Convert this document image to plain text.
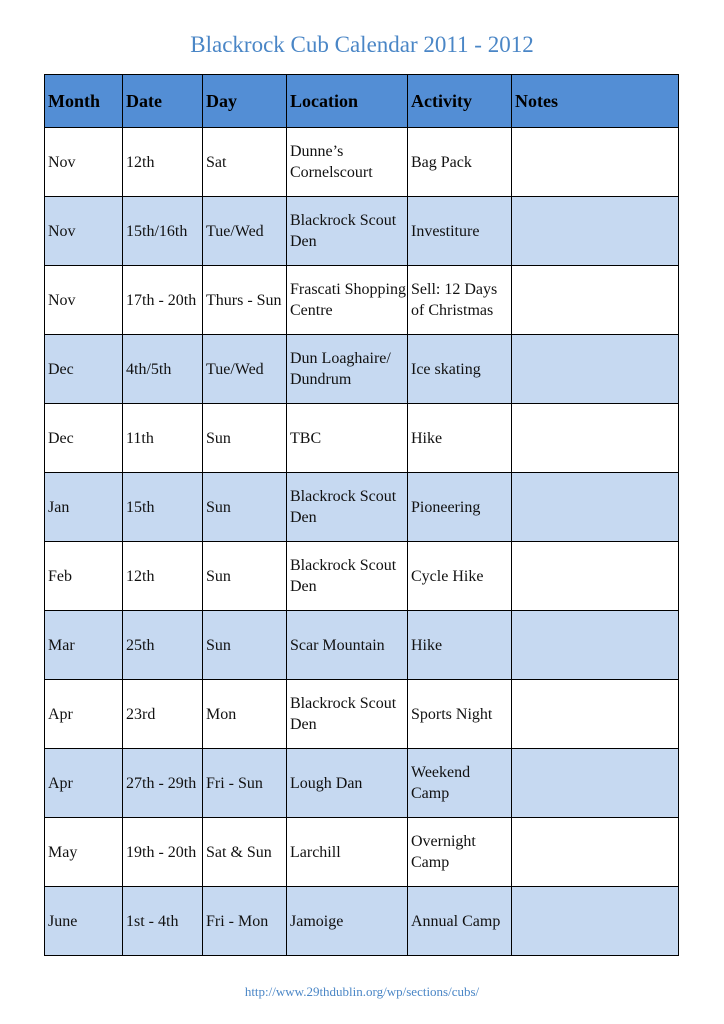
Blackrock Cub Calendar 2011 - 2012
Month	Date	Day	Location	Activity	Notes
Nov	12th	Sat	Dunne’s Cornelscourt	Bag Pack	
Nov	15th/16th	Tue/Wed	Blackrock Scout Den	Investiture	
Nov	17th - 20th	Thurs - Sun	Frascati Shopping Centre	Sell: 12 Days of Christmas	
Dec	4th/5th	Tue/Wed	Dun Loaghaire/ Dundrum	Ice skating	
Dec	11th	Sun	TBC	Hike	
Jan	15th	Sun	Blackrock Scout Den	Pioneering	
Feb	12th	Sun	Blackrock Scout Den	Cycle Hike	
Mar	25th	Sun	Scar Mountain	Hike	
Apr	23rd	Mon	Blackrock Scout Den	Sports Night	
Apr	27th - 29th	Fri - Sun	Lough Dan	Weekend Camp	
May	19th - 20th	Sat & Sun	Larchill	Overnight Camp	
June	1st - 4th	Fri - Mon	Jamoige	Annual Camp	
http://www.29thdublin.org/wp/sections/cubs/
